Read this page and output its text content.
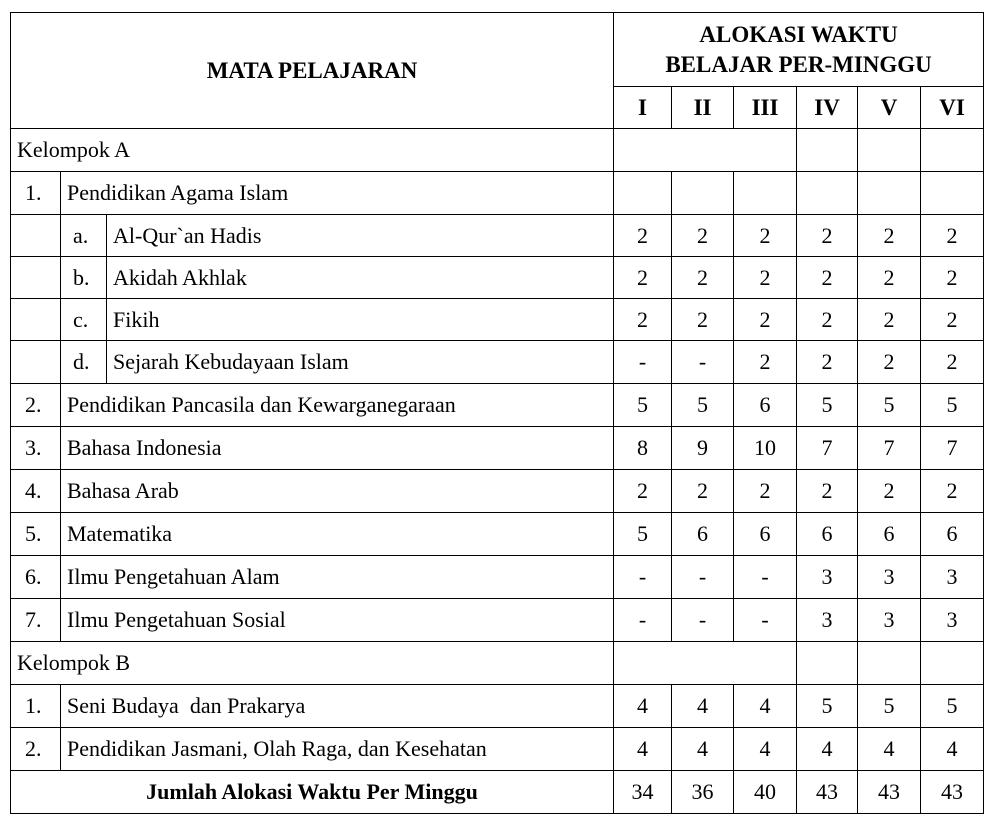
MATA PELAJARAN			ALOKASI WAKTU
BELAJAR PER-MINGGU					

			I	II	III	IV	V	VI
Kelompok A								
1.	Pendidikan Agama Islam							
	a.	Al-Qur`an Hadis	2	2	2	2	2	2
	b.	Akidah Akhlak	2	2	2	2	2	2
	c.	Fikih	2	2	2	2	2	2
	d.	Sejarah Kebudayaan Islam	-	-	2	2	2	2
2.	Pendidikan Pancasila dan Kewarganegaraan		5	5	6	5	5	5
3.	Bahasa Indonesia		8	9	10	7	7	7
4.	Bahasa Arab		2	2	2	2	2	2
5.	Matematika		5	6	6	6	6	6
6.	Ilmu Pengetahuan Alam		-	-	-	3	3	3
7.	Ilmu Pengetahuan Sosial		-	-	-	3	3	3
Kelompok B								
1.	Seni Budaya  dan Prakarya		4	4	4	5	5	5
2.	Pendidikan Jasmani, Olah Raga, dan Kesehatan		4	4	4	4	4	4
Jumlah Alokasi Waktu Per Minggu			34	36	40	43	43	43
